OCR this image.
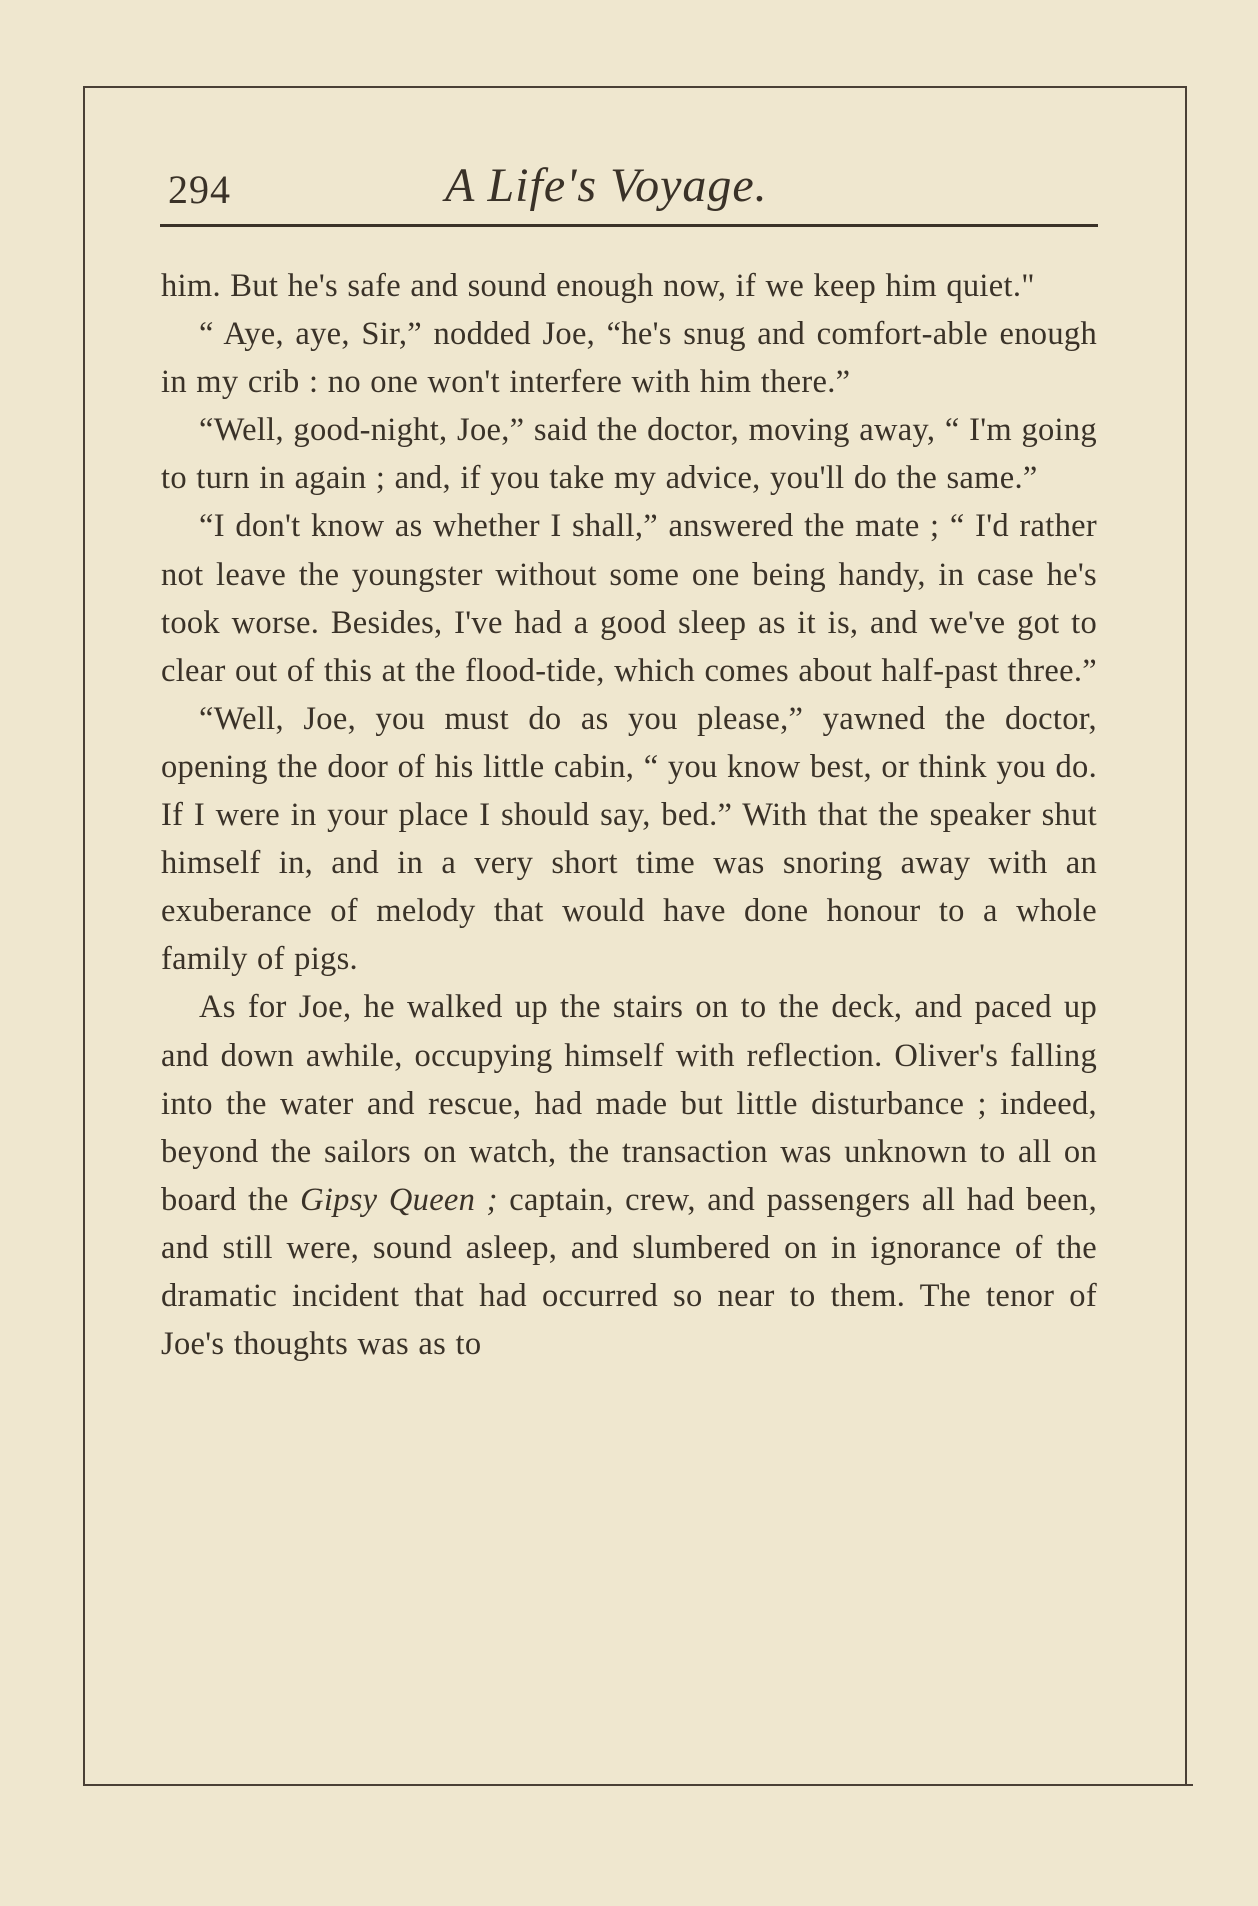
294	A Life's Voyage.

him. But he's safe and sound enough now, if we keep him quiet."

“ Aye, aye, Sir,” nodded Joe, “he's snug and comfort-able enough in my crib : no one won't interfere with him there.”

“Well, good-night, Joe,” said the doctor, moving away, “ I'm going to turn in again ; and, if you take my advice, you'll do the same.”

“I don't know as whether I shall,” answered the mate ; “ I'd rather not leave the youngster without some one being handy, in case he's took worse. Besides, I've had a good sleep as it is, and we've got to clear out of this at the flood-tide, which comes about half-past three.”

“Well, Joe, you must do as you please,” yawned the doctor, opening the door of his little cabin, “ you know best, or think you do. If I were in your place I should say, bed.” With that the speaker shut himself in, and in a very short time was snoring away with an exuberance of melody that would have done honour to a whole family of pigs.

As for Joe, he walked up the stairs on to the deck, and paced up and down awhile, occupying himself with reflection. Oliver's falling into the water and rescue, had made but little disturbance ; indeed, beyond the sailors on watch, the transaction was unknown to all on board the Gipsy Queen ; captain, crew, and passengers all had been, and still were, sound asleep, and slumbered on in ignorance of the dramatic incident that had occurred so near to them. The tenor of Joe's thoughts was as to
